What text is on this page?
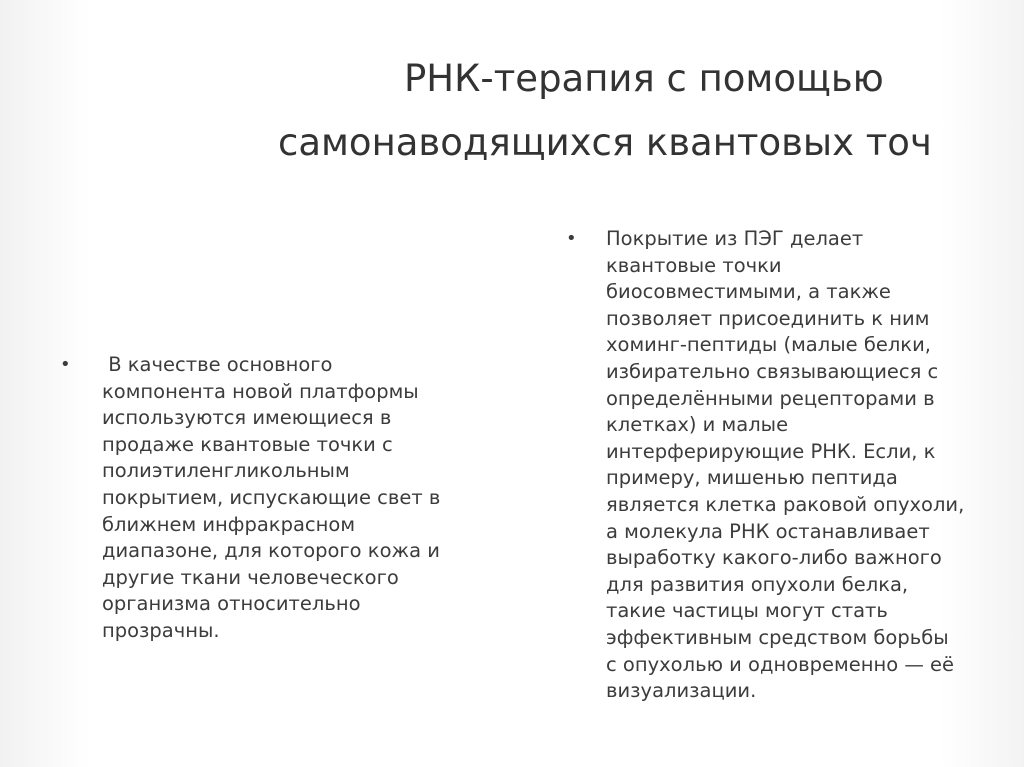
РНК-терапия с помощью
самонаводящихся квантовых точ
• В качестве основного
компонента новой платформы
используются имеющиеся в
продаже квантовые точки с
полиэтиленгликольным
покрытием, испускающие свет в
ближнем инфракрасном
диапазоне, для которого кожа и
другие ткани человеческого
организма относительно
прозрачны.
• Покрытие из ПЭГ делает
квантовые точки
биосовместимыми, а также
позволяет присоединить к ним
хоминг-пептиды (малые белки,
избирательно связывающиеся с
определёнными рецепторами в
клетках) и малые
интерферирующие РНК. Если, к
примеру, мишенью пептида
является клетка раковой опухоли,
а молекула РНК останавливает
выработку какого-либо важного
для развития опухоли белка,
такие частицы могут стать
эффективным средством борьбы
с опухолью и одновременно — её
визуализации.
